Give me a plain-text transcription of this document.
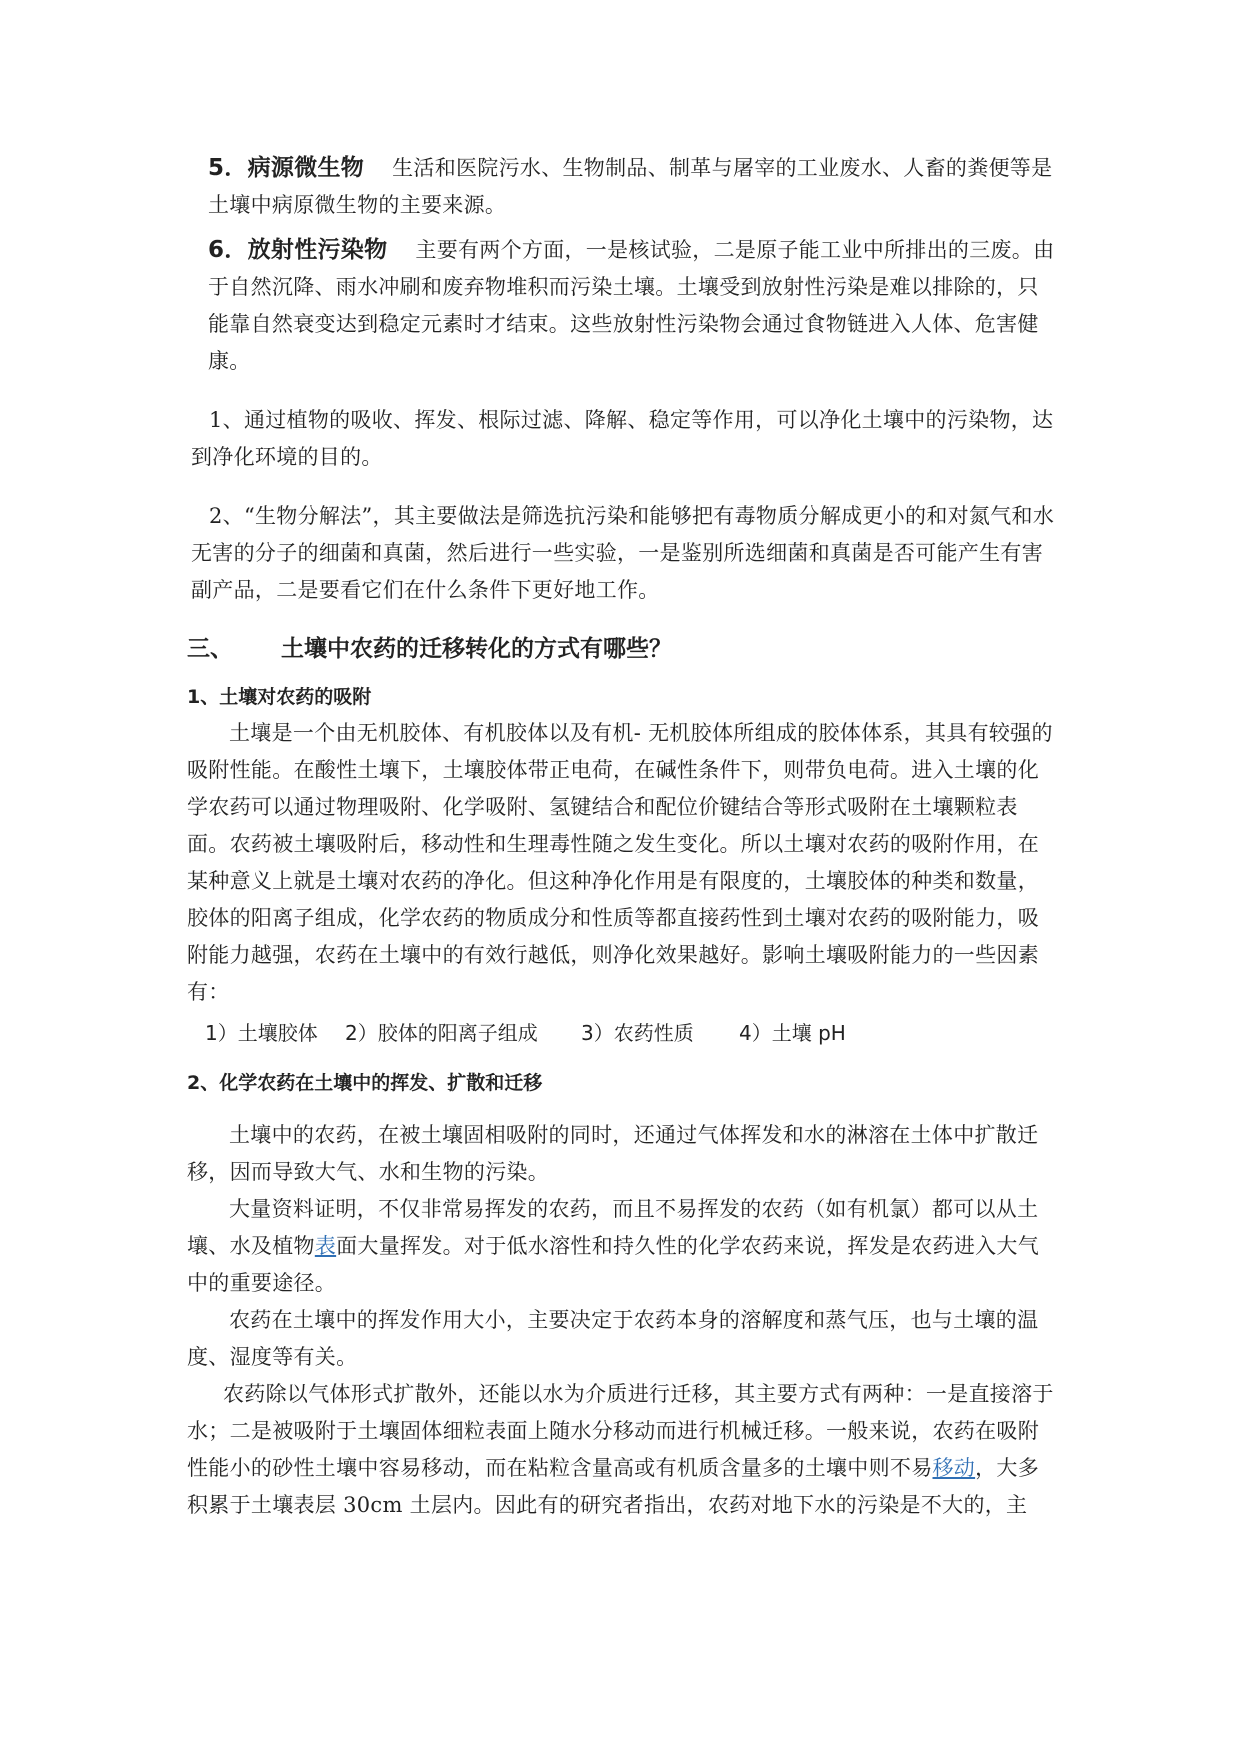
5．病源微生物 生活和医院污水、生物制品、制革与屠宰的工业废水、人畜的粪便等是土壤中病原微生物的主要来源。

6．放射性污染物 主要有两个方面，一是核试验，二是原子能工业中所排出的三废。由于自然沉降、雨水冲刷和废弃物堆积而污染土壤。土壤受到放射性污染是难以排除的，只能靠自然衰变达到稳定元素时才结束。这些放射性污染物会通过食物链进入人体、危害健康。

1、通过植物的吸收、挥发、根际过滤、降解、稳定等作用，可以净化土壤中的污染物，达到净化环境的目的。

2、“生物分解法”，其主要做法是筛选抗污染和能够把有毒物质分解成更小的和对氮气和水无害的分子的细菌和真菌，然后进行一些实验，一是鉴别所选细菌和真菌是否可能产生有害副产品，二是要看它们在什么条件下更好地工作。

三、 土壤中农药的迁移转化的方式有哪些？
1、土壤对农药的吸附

土壤是一个由无机胶体、有机胶体以及有机- 无机胶体所组成的胶体体系，其具有较强的吸附性能。在酸性土壤下，土壤胶体带正电荷，在碱性条件下，则带负电荷。进入土壤的化学农药可以通过物理吸附、化学吸附、氢键结合和配位价键结合等形式吸附在土壤颗粒表面。农药被土壤吸附后，移动性和生理毒性随之发生变化。所以土壤对农药的吸附作用，在某种意义上就是土壤对农药的净化。但这种净化作用是有限度的，土壤胶体的种类和数量，胶体的阳离子组成，化学农药的物质成分和性质等都直接药性到土壤对农药的吸附能力，吸附能力越强，农药在土壤中的有效行越低，则净化效果越好。影响土壤吸附能力的一些因素有：

1）土壤胶体 2）胶体的阳离子组成 3）农药性质 4）土壤 pH
2、化学农药在土壤中的挥发、扩散和迁移

土壤中的农药，在被土壤固相吸附的同时，还通过气体挥发和水的淋溶在土体中扩散迁移，因而导致大气、水和生物的污染。

大量资料证明，不仅非常易挥发的农药，而且不易挥发的农药（如有机氯）都可以从土壤、水及植物表面大量挥发。对于低水溶性和持久性的化学农药来说，挥发是农药进入大气中的重要途径。

农药在土壤中的挥发作用大小，主要决定于农药本身的溶解度和蒸气压，也与土壤的温度、湿度等有关。

农药除以气体形式扩散外，还能以水为介质进行迁移，其主要方式有两种：一是直接溶于水；二是被吸附于土壤固体细粒表面上随水分移动而进行机械迁移。一般来说，农药在吸附性能小的砂性土壤中容易移动，而在粘粒含量高或有机质含量多的土壤中则不易移动，大多积累于土壤表层 30cm 土层内。因此有的研究者指出，农药对地下水的污染是不大的，主
